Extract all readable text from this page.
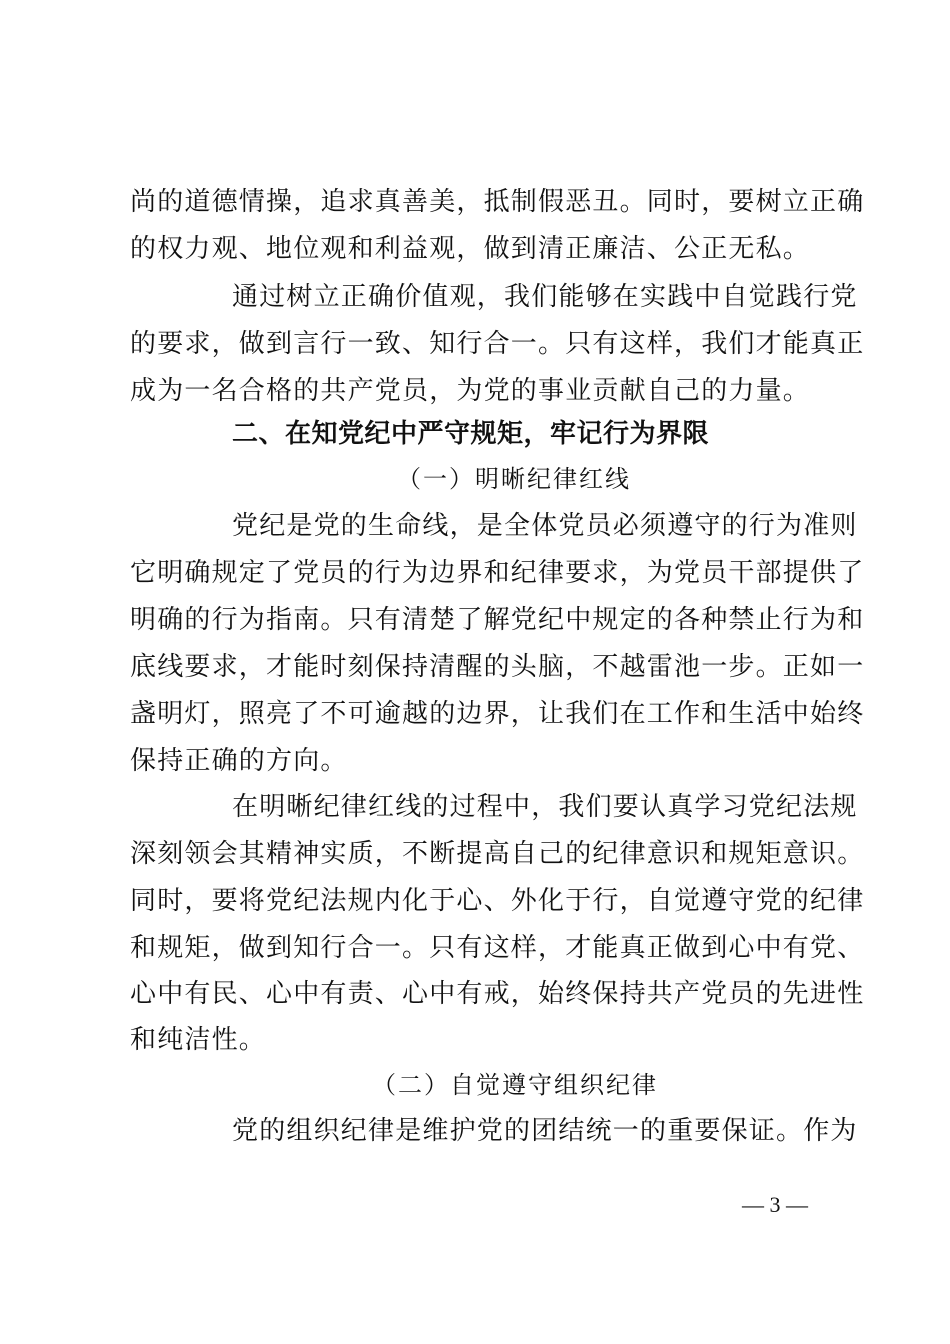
尚的道德情操，追求真善美，抵制假恶丑。同时，要树立正确
的权力观、地位观和利益观，做到清正廉洁、公正无私。
通过树立正确价值观，我们能够在实践中自觉践行党
的要求，做到言行一致、知行合一。只有这样，我们才能真正
成为一名合格的共产党员，为党的事业贡献自己的力量。
二、在知党纪中严守规矩，牢记行为界限
（一）明晰纪律红线
党纪是党的生命线，是全体党员必须遵守的行为准则
它明确规定了党员的行为边界和纪律要求，为党员干部提供了
明确的行为指南。只有清楚了解党纪中规定的各种禁止行为和
底线要求，才能时刻保持清醒的头脑，不越雷池一步。正如一
盏明灯，照亮了不可逾越的边界，让我们在工作和生活中始终
保持正确的方向。
在明晰纪律红线的过程中，我们要认真学习党纪法规
深刻领会其精神实质，不断提高自己的纪律意识和规矩意识。
同时，要将党纪法规内化于心、外化于行，自觉遵守党的纪律
和规矩，做到知行合一。只有这样，才能真正做到心中有党、
心中有民、心中有责、心中有戒，始终保持共产党员的先进性
和纯洁性。
（二）自觉遵守组织纪律
党的组织纪律是维护党的团结统一的重要保证。作为
— 3 —
